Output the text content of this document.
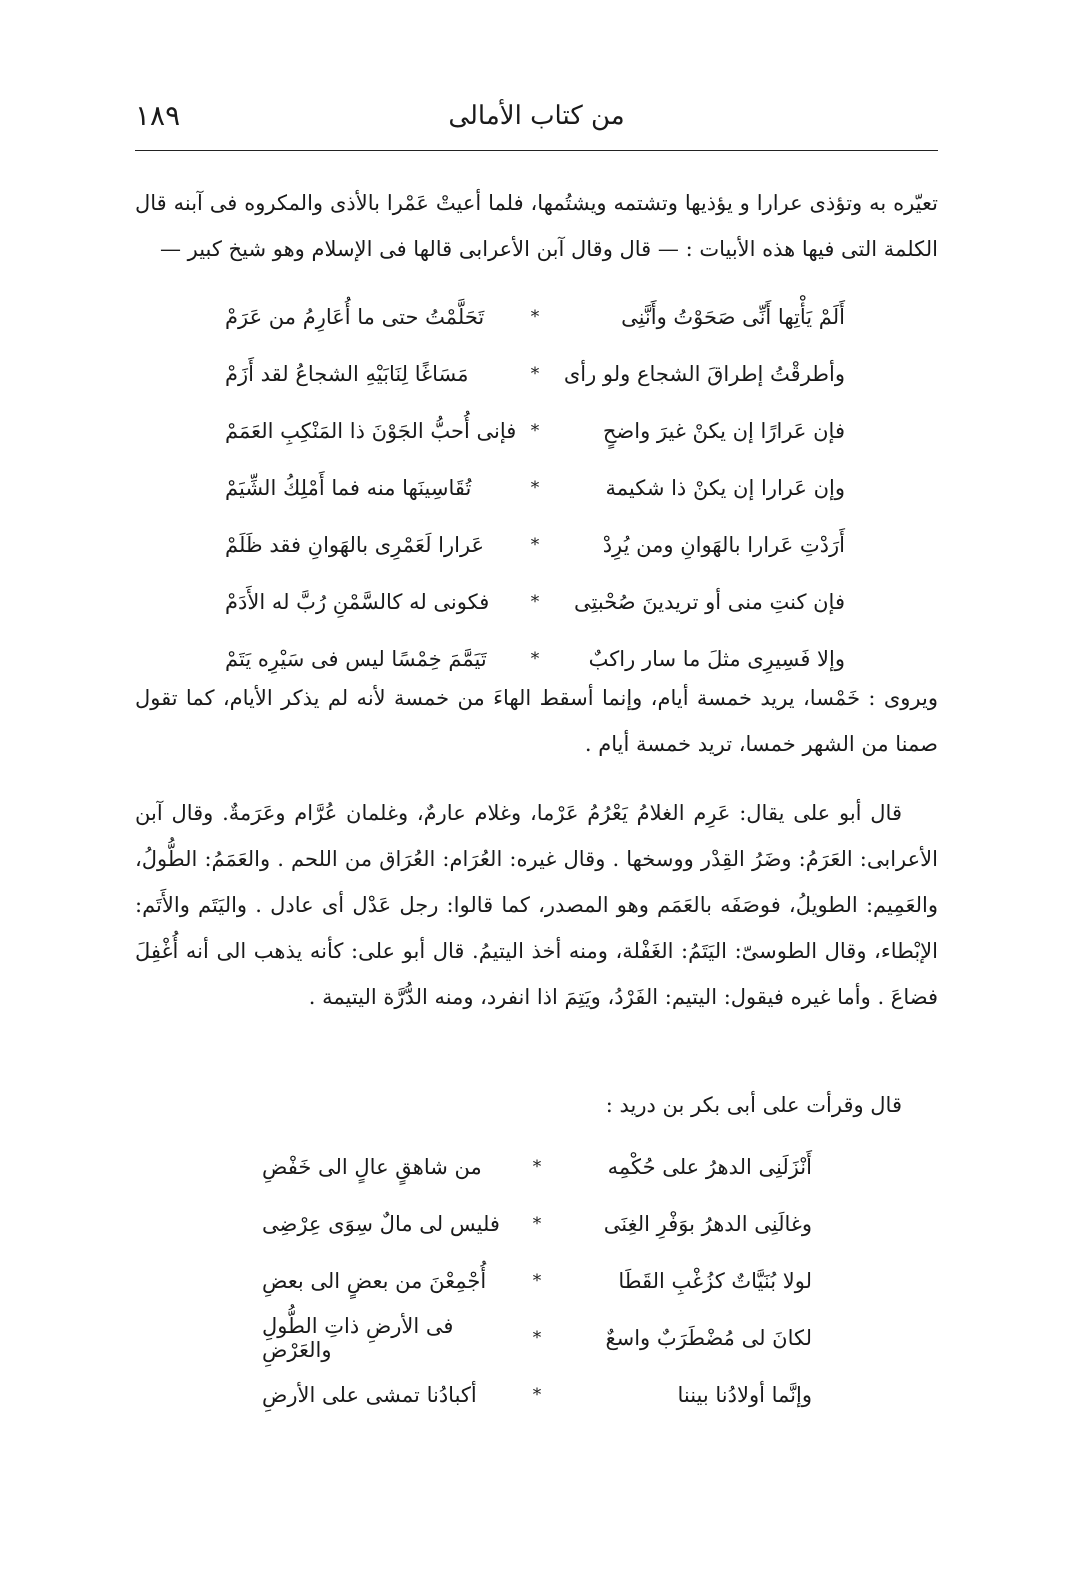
من كتاب الأمالى
١٨٩

تعيّره به وتؤذى عرارا و يؤذيها وتشتمه ويشتُمها، فلما أعيتْ عَمْرا بالأذى والمكروه فى آبنه قال الكلمة التى فيها هذه الأبيات : — قال وقال آبن الأعرابى قالها فى الإسلام وهو شيخ كبير —

أَلَمْ يَأْتِها أَنِّى صَحَوْتُ وأَنَّنِى
*
تَحَلَّمْتُ حتى ما أُعَارِمُ من عَرَمْ
وأطرقْتُ إطراقَ الشجاع ولو رأى
*
مَسَاغًا لِنَابَيْهِ الشجاعُ لقد أَزَمْ
فإن عَرارًا إن يكنْ غيرَ واضحٍ
*
فإنى أُحبُّ الجَوْنَ ذا المَنْكِبِ العَمَمْ
وإن عَرارا إن يكنْ ذا شكيمة
*
تُقَاسِينَها منه فما أَمْلِكُ الشِّيَمْ
أَرَدْتِ عَرارا بالهَوانِ ومن يُرِدْ
*
عَرارا لَعَمْرِى بالهَوانِ فقد ظَلَمْ
فإن كنتِ منى أو تريدينَ صُحْبتِى
*
فكونى له كالسَّمْنِ رُبَّ له الأَدَمْ
وإلا فَسِيرِى مثلَ ما سار راكبٌ
*
تَيَمَّمَ خِمْسًا ليس فى سَيْرِه يَتَمْ

ويروى : خَمْسا، يريد خمسة أيام، وإنما أسقط الهاءَ من خمسة لأنه لم يذكر الأيام، كما تقول صمنا من الشهر خمسا، تريد خمسة أيام .

قال أبو على يقال: عَرِم الغلامُ يَعْرُمُ عَرْما، وغلام عارمٌ، وغلمان عُرَّام وعَرَمةٌ. وقال آبن الأعرابى: العَرَمُ: وضَرُ القِدْر ووسخها . وقال غيره: العُرَام: العُرَاق من اللحم . والعَمَمُ: الطُّولُ، والعَمِيم: الطويلُ، فوصَفَه بالعَمَم وهو المصدر، كما قالوا: رجل عَدْل أى عادل . واليَتَم والأَتَم: الإبْطاء، وقال الطوسىّ: اليَتَمُ: الغَفْلة، ومنه أخذ اليتيمُ. قال أبو على: كأنه يذهب الى أنه أُغْفِلَ فضاعَ . وأما غيره فيقول: اليتيم: الفَرْدُ، ويَتِمَ اذا انفرد، ومنه الدُّرَّة اليتيمة .

قال وقرأت على أبى بكر بن دريد :

أَنْزَلَنِى الدهرُ على حُكْمِه
*
من شاهقٍ عالٍ الى خَفْضِ
وغالَنِى الدهرُ بوَفْرِ الغِنَى
*
فليس لى مالٌ سِوَى عِرْضِى
لولا بُنَيَّاتٌ كزُغْبِ القَطَا
*
أُجْمِعْنَ من بعضٍ الى بعضِ
لكانَ لى مُضْطَرَبٌ واسعٌ
*
فى الأرضِ ذاتِ الطُّولِ والعَرْضِ
وإنَّما أولادُنا بيننا
*
أكبادُنا تمشى على الأرضِ
